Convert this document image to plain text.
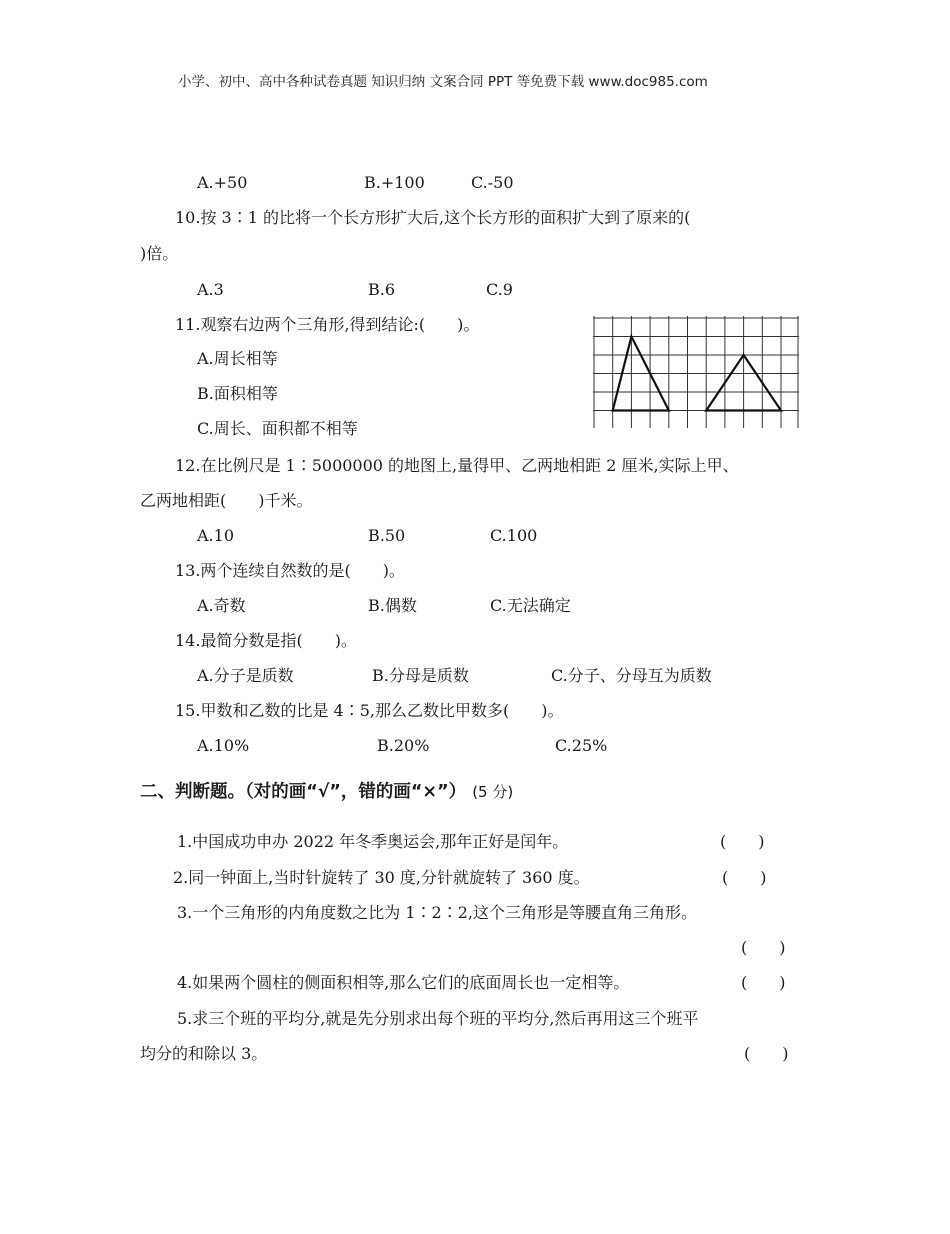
小学、初中、高中各种试卷真题 知识归纳 文案合同 PPT 等免费下载 www.doc985.com
A.+50	B.+100	C.-50
10.按 3∶1 的比将一个长方形扩大后,这个长方形的面积扩大到了原来的(
)倍。
A.3	B.6	C.9
11.观察右边两个三角形,得到结论:(　　)。
A.周长相等
B.面积相等
C.周长、面积都不相等
12.在比例尺是 1∶5000000 的地图上,量得甲、乙两地相距 2 厘米,实际上甲、
乙两地相距(　　)千米。
A.10	B.50	C.100
13.两个连续自然数的是(　　)。
A.奇数	B.偶数	C.无法确定
14.最简分数是指(　　)。
A.分子是质数	B.分母是质数	C.分子、分母互为质数
15.甲数和乙数的比是 4∶5,那么乙数比甲数多(　　)。
A.10%	B.20%	C.25%
二、判断题。（对的画“√”，错的画“×”） (5 分)
1.中国成功申办 2022 年冬季奥运会,那年正好是闰年。	(　　)
2.同一钟面上,当时针旋转了 30 度,分针就旋转了 360 度。	(　　)
3.一个三角形的内角度数之比为 1∶2∶2,这个三角形是等腰直角三角形。
(　　)
4.如果两个圆柱的侧面积相等,那么它们的底面周长也一定相等。	(　　)
5.求三个班的平均分,就是先分别求出每个班的平均分,然后再用这三个班平
均分的和除以 3。	(　　)
